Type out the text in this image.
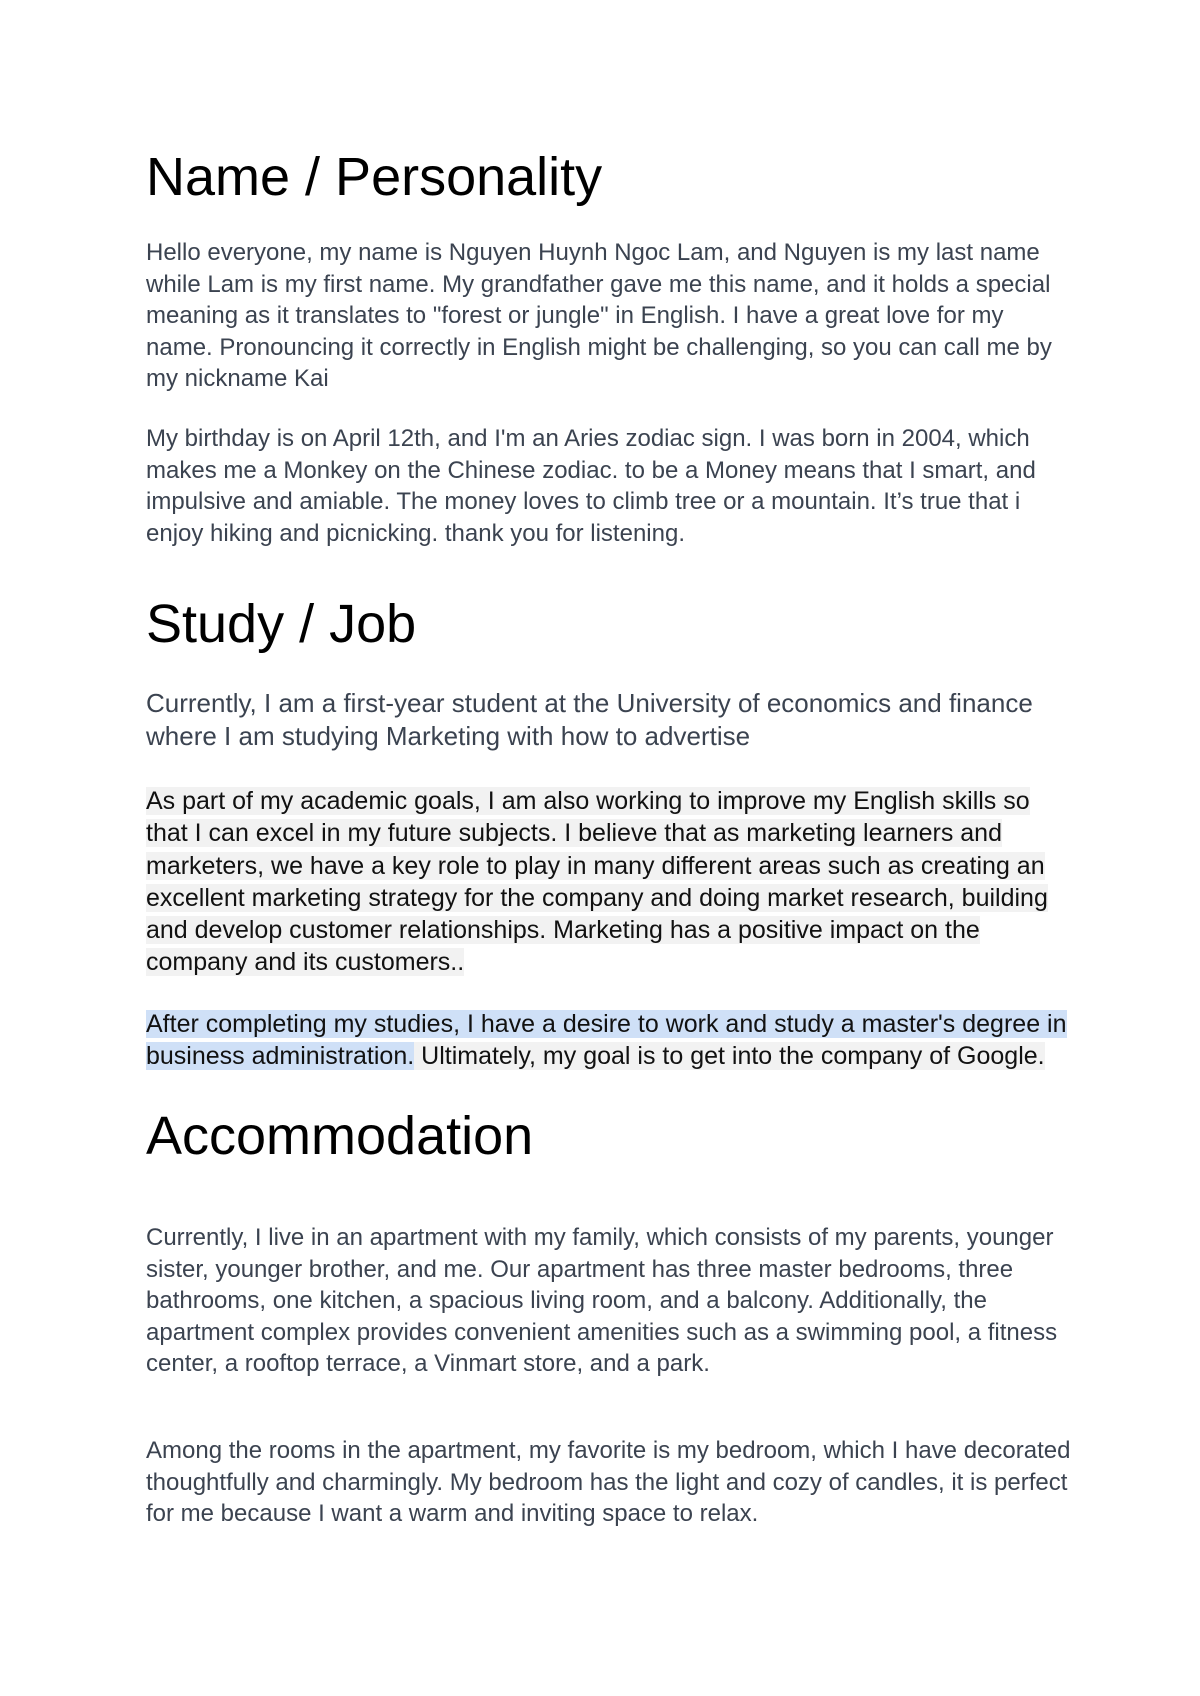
Name / Personality

Hello everyone, my name is Nguyen Huynh Ngoc Lam, and Nguyen is my last name while Lam is my first name. My grandfather gave me this name, and it holds a special meaning as it translates to "forest or jungle" in English. I have a great love for my name. Pronouncing it correctly in English might be challenging, so you can call me by my nickname Kai

My birthday is on April 12th, and I'm an Aries zodiac sign. I was born in 2004, which makes me a Monkey on the Chinese zodiac. to be a Money means that I smart, and impulsive and amiable. The money loves to climb tree or a mountain. It’s true that i enjoy hiking and picnicking. thank you for listening.

Study / Job

Currently, I am a first-year student at the University of economics and finance where I am studying Marketing with how to advertise

As part of my academic goals, I am also working to improve my English skills so that I can excel in my future subjects. I believe that as marketing learners and marketers, we have a key role to play in many different areas such as creating an excellent marketing strategy for the company and doing market research, building and develop customer relationships. Marketing has a positive impact on the company and its customers..

After completing my studies, I have a desire to work and study a master's degree in business administration. Ultimately, my goal is to get into the company of Google.

Accommodation

Currently, I live in an apartment with my family, which consists of my parents, younger sister, younger brother, and me. Our apartment has three master bedrooms, three bathrooms, one kitchen, a spacious living room, and a balcony. Additionally, the apartment complex provides convenient amenities such as a swimming pool, a fitness center, a rooftop terrace, a Vinmart store, and a park.

Among the rooms in the apartment, my favorite is my bedroom, which I have decorated thoughtfully and charmingly. My bedroom has the light and cozy of candles, it is perfect for me because I want a warm and inviting space to relax.
